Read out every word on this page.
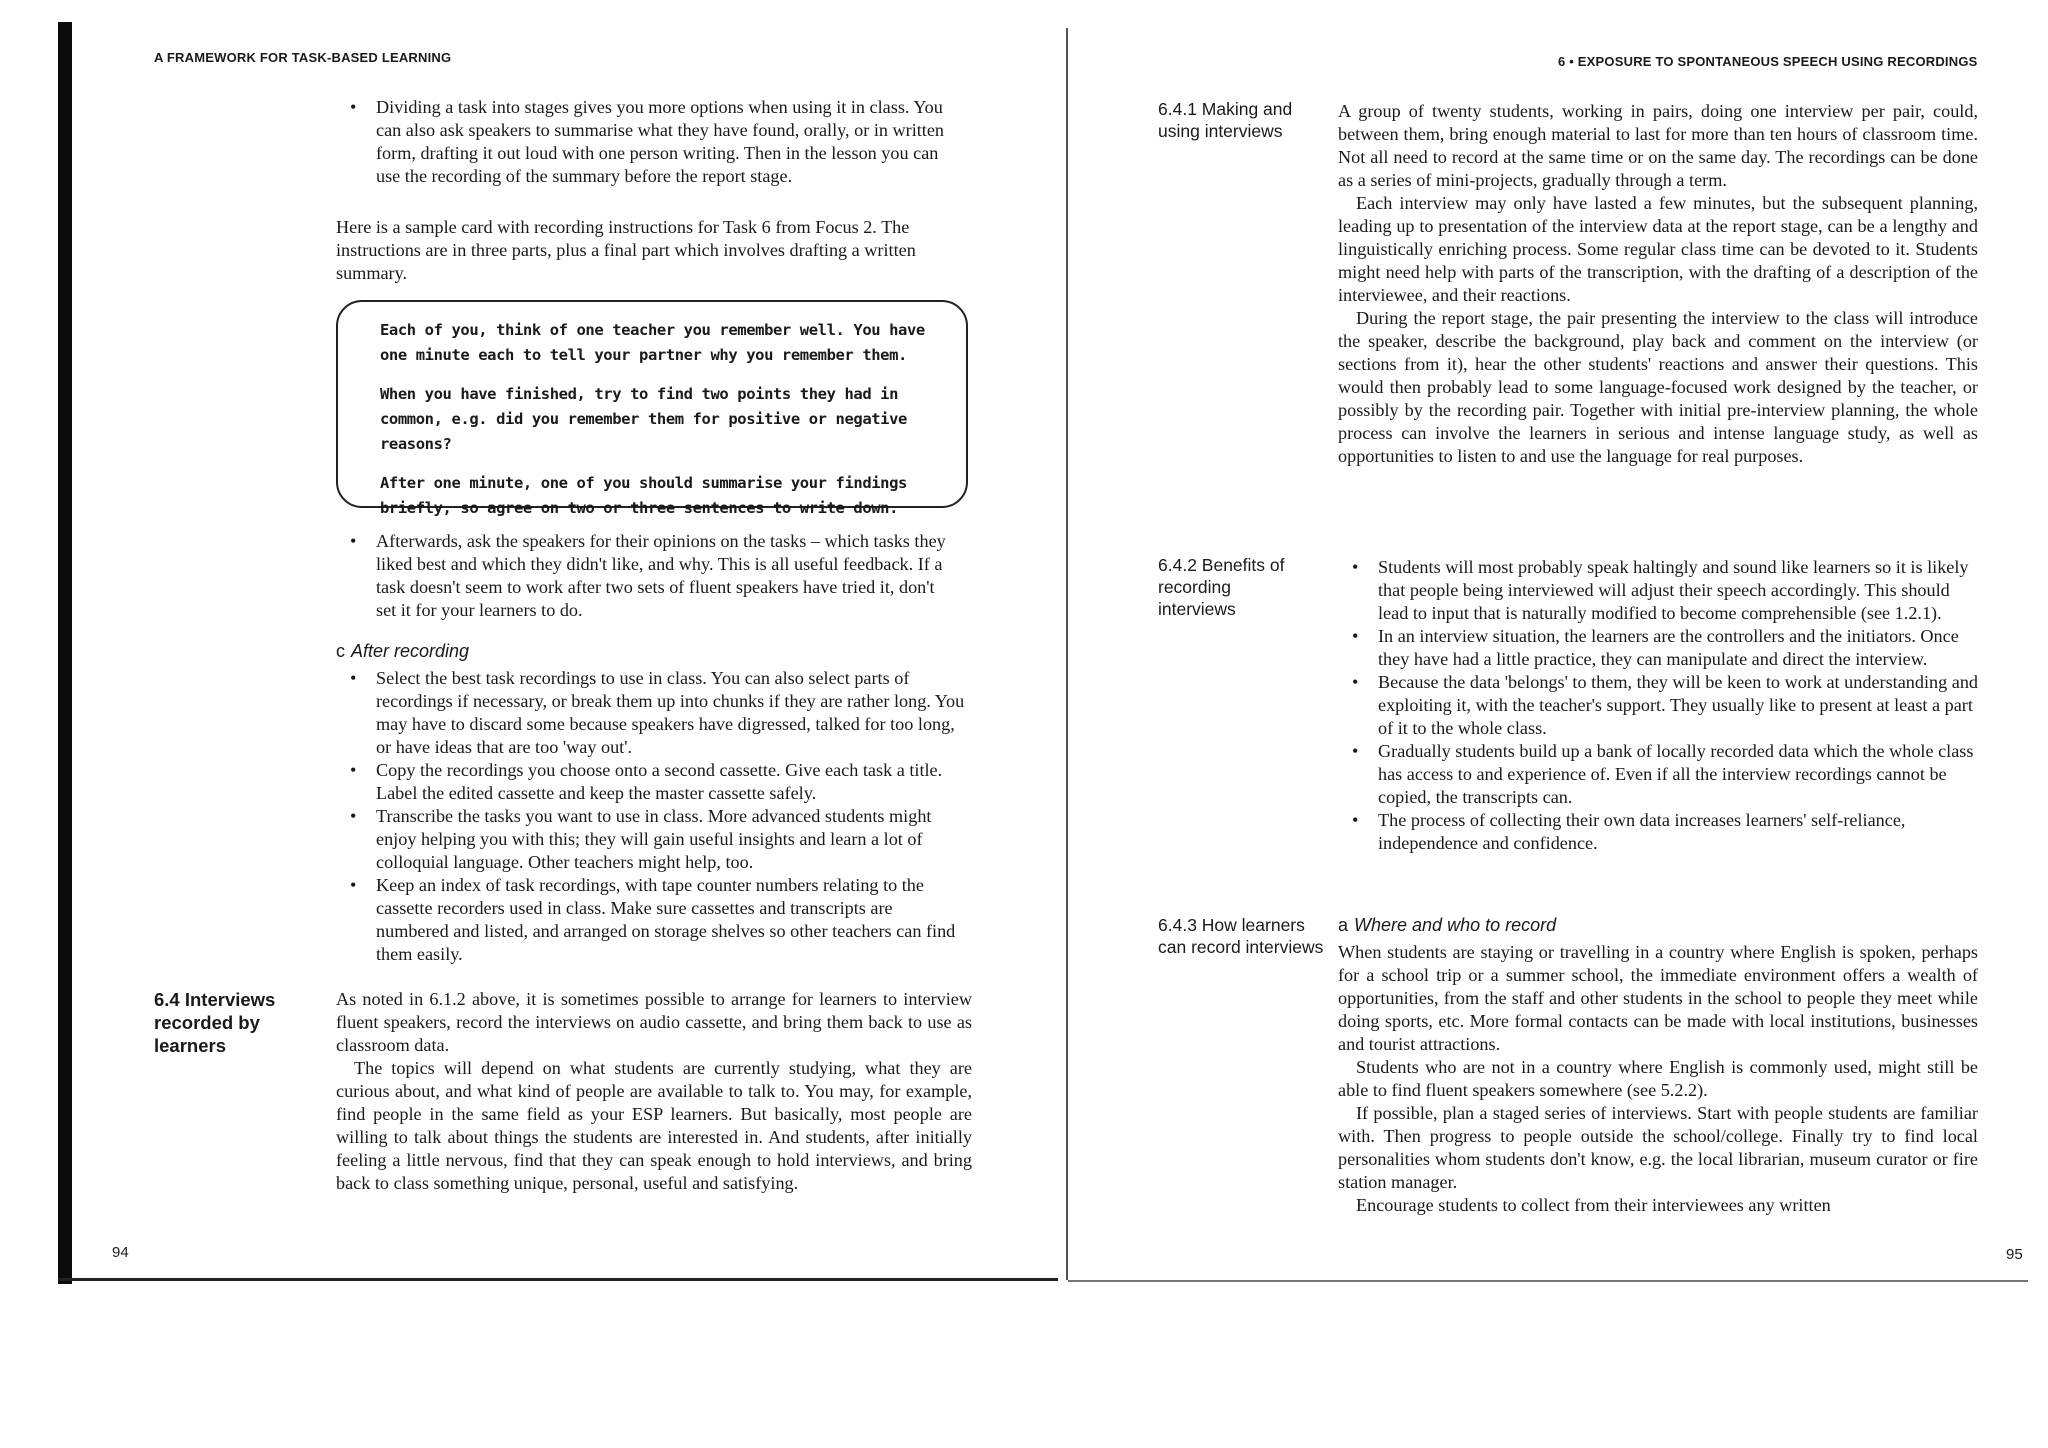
A FRAMEWORK FOR TASK-BASED LEARNING
• Dividing a task into stages gives you more options when using it in class. You can also ask speakers to summarise what they have found, orally, or in written form, drafting it out loud with one person writing. Then in the lesson you can use the recording of the summary before the report stage.

Here is a sample card with recording instructions for Task 6 from Focus 2. The instructions are in three parts, plus a final part which involves drafting a written summary.

Each of you, think of one teacher you remember well. You have one minute each to tell your partner why you remember them.

When you have finished, try to find two points they had in common, e.g. did you remember them for positive or negative reasons?

After one minute, one of you should summarise your findings briefly, so agree on two or three sentences to write down.

• Afterwards, ask the speakers for their opinions on the tasks – which tasks they liked best and which they didn't like, and why. This is all useful feedback. If a task doesn't seem to work after two sets of fluent speakers have tried it, don't set it for your learners to do.

c After recording

• Select the best task recordings to use in class. You can also select parts of recordings if necessary, or break them up into chunks if they are rather long. You may have to discard some because speakers have digressed, talked for too long, or have ideas that are too 'way out'.
• Copy the recordings you choose onto a second cassette. Give each task a title. Label the edited cassette and keep the master cassette safely.
• Transcribe the tasks you want to use in class. More advanced students might enjoy helping you with this; they will gain useful insights and learn a lot of colloquial language. Other teachers might help, too.
• Keep an index of task recordings, with tape counter numbers relating to the cassette recorders used in class. Make sure cassettes and transcripts are numbered and listed, and arranged on storage shelves so other teachers can find them easily.
6.4 Interviews recorded by learners

As noted in 6.1.2 above, it is sometimes possible to arrange for learners to interview fluent speakers, record the interviews on audio cassette, and bring them back to use as classroom data.

The topics will depend on what students are currently studying, what they are curious about, and what kind of people are available to talk to. You may, for example, find people in the same field as your ESP learners. But basically, most people are willing to talk about things the students are interested in. And students, after initially feeling a little nervous, find that they can speak enough to hold interviews, and bring back to class something unique, personal, useful and satisfying.

94
6 • EXPOSURE TO SPONTANEOUS SPEECH USING RECORDINGS
6.4.1 Making and using interviews

A group of twenty students, working in pairs, doing one interview per pair, could, between them, bring enough material to last for more than ten hours of classroom time. Not all need to record at the same time or on the same day. The recordings can be done as a series of mini-projects, gradually through a term.

Each interview may only have lasted a few minutes, but the subsequent planning, leading up to presentation of the interview data at the report stage, can be a lengthy and linguistically enriching process. Some regular class time can be devoted to it. Students might need help with parts of the transcription, with the drafting of a description of the interviewee, and their reactions.

During the report stage, the pair presenting the interview to the class will introduce the speaker, describe the background, play back and comment on the interview (or sections from it), hear the other students' reactions and answer their questions. This would then probably lead to some language-focused work designed by the teacher, or possibly by the recording pair. Together with initial pre-interview planning, the whole process can involve the learners in serious and intense language study, as well as opportunities to listen to and use the language for real purposes.

6.4.2 Benefits of recording interviews
• Students will most probably speak haltingly and sound like learners so it is likely that people being interviewed will adjust their speech accordingly. This should lead to input that is naturally modified to become comprehensible (see 1.2.1).
• In an interview situation, the learners are the controllers and the initiators. Once they have had a little practice, they can manipulate and direct the interview.
• Because the data 'belongs' to them, they will be keen to work at understanding and exploiting it, with the teacher's support. They usually like to present at least a part of it to the whole class.
• Gradually students build up a bank of locally recorded data which the whole class has access to and experience of. Even if all the interview recordings cannot be copied, the transcripts can.
• The process of collecting their own data increases learners' self-reliance, independence and confidence.
6.4.3 How learners can record interviews

a Where and who to record

When students are staying or travelling in a country where English is spoken, perhaps for a school trip or a summer school, the immediate environment offers a wealth of opportunities, from the staff and other students in the school to people they meet while doing sports, etc. More formal contacts can be made with local institutions, businesses and tourist attractions.

Students who are not in a country where English is commonly used, might still be able to find fluent speakers somewhere (see 5.2.2).

If possible, plan a staged series of interviews. Start with people students are familiar with. Then progress to people outside the school/college. Finally try to find local personalities whom students don't know, e.g. the local librarian, museum curator or fire station manager.

Encourage students to collect from their interviewees any written

95
